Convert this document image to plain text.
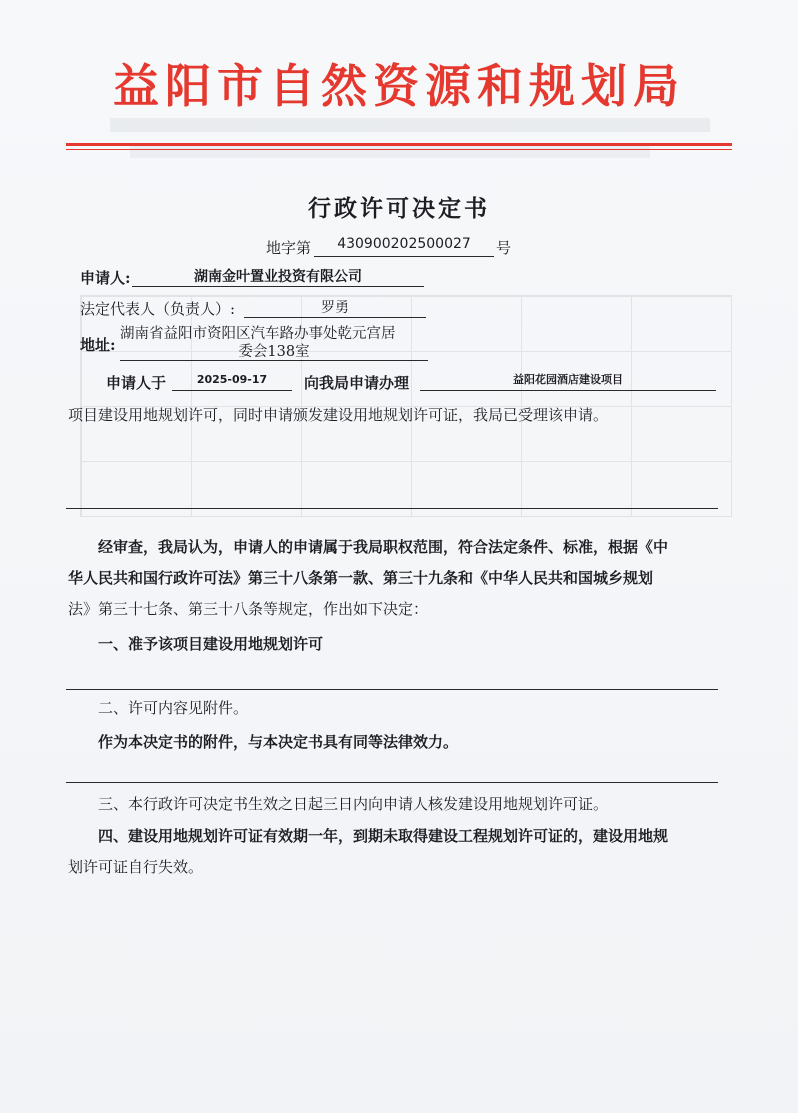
益阳市自然资源和规划局
行政许可决定书
地字第	430900202500027	号
申请人:	湖南金叶置业投资有限公司
法定代表人（负责人）:	罗勇
地址:
湖南省益阳市资阳区汽车路办事处乾元宫居
委会138室
申请人于	2025-09-17	向我局申请办理	益阳花园酒店建设项目
项目建设用地规划许可，同时申请颁发建设用地规划许可证，我局已受理该申请。
经审查，我局认为，申请人的申请属于我局职权范围，符合法定条件、标准，根据《中
华人民共和国行政许可法》第三十八条第一款、第三十九条和《中华人民共和国城乡规划
法》第三十七条、第三十八条等规定，作出如下决定：
一、准予该项目建设用地规划许可
二、许可内容见附件。
作为本决定书的附件，与本决定书具有同等法律效力。
三、本行政许可决定书生效之日起三日内向申请人核发建设用地规划许可证。
四、建设用地规划许可证有效期一年，到期未取得建设工程规划许可证的，建设用地规
划许可证自行失效。
